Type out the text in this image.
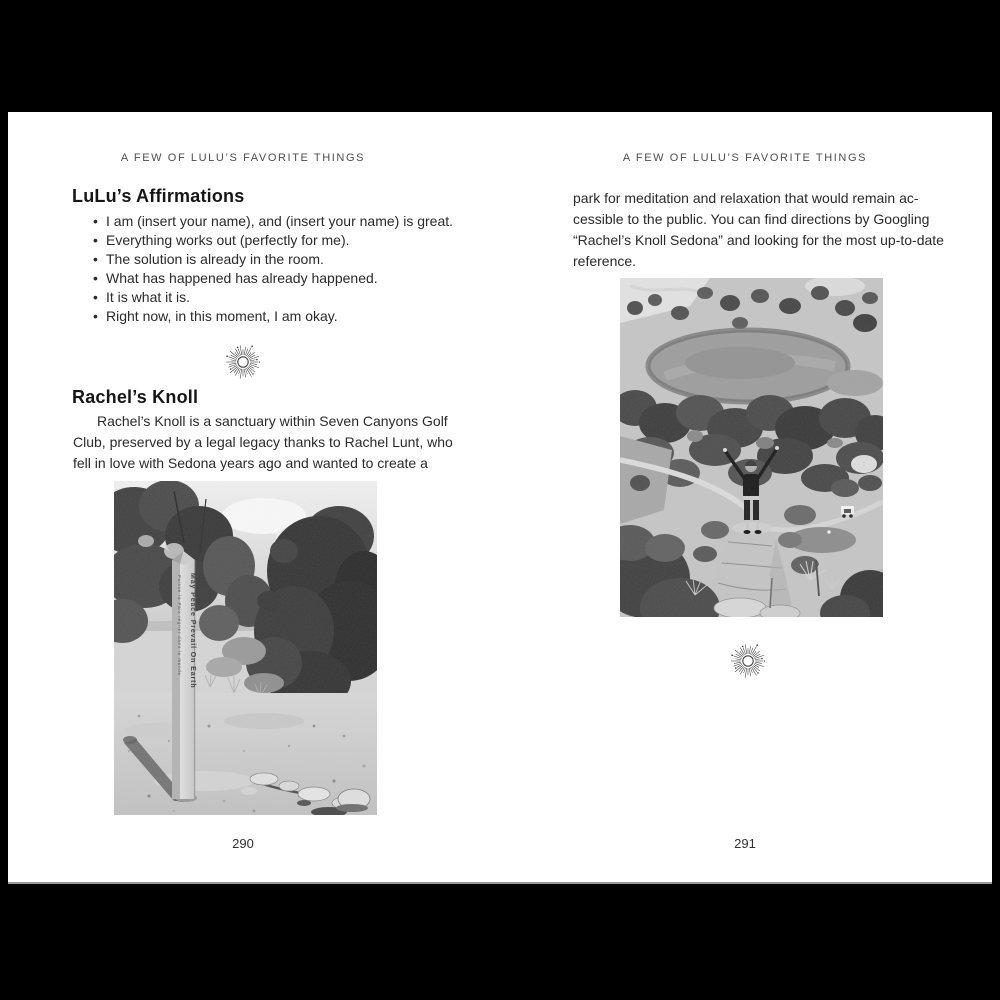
A FEW OF LULU’S FAVORITE THINGS
LuLu’s Affirmations
• I am (insert your name), and (insert your name) is great.
• Everything works out (perfectly for me).
• The solution is already in the room.
• What has happened has already happened.
• It is what it is.
• Right now, in this moment, I am okay.
Rachel’s Knoll
Rachel’s Knoll is a sanctuary within Seven Canyons Golf
Club, preserved by a legal legacy thanks to Rachel Lunt, who
fell in love with Sedona years ago and wanted to create a
290
A FEW OF LULU’S FAVORITE THINGS
park for meditation and relaxation that would remain ac-
cessible to the public. You can find directions by Googling
“Rachel’s Knoll Sedona” and looking for the most up-to-date
reference.
291
